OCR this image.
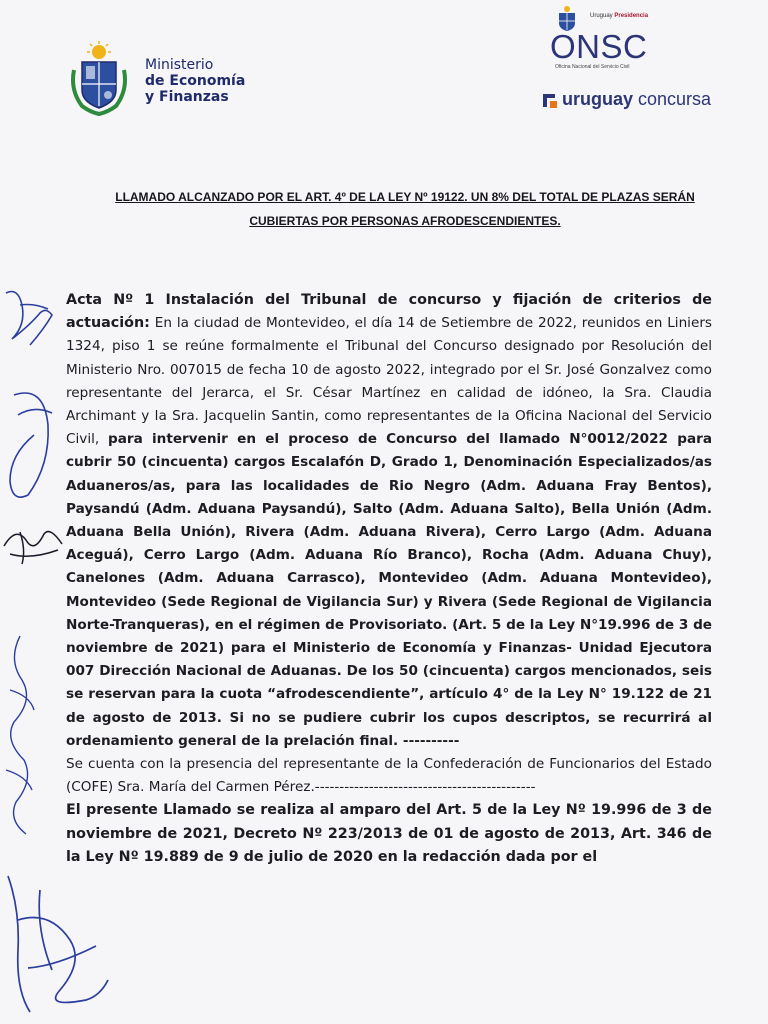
Ministerio
de Economía
y Finanzas
Uruguay Presidencia
ONSC
Oficina Nacional del Servicio Civil
uruguay concursa
LLAMADO ALCANZADO POR EL ART. 4º DE LA LEY Nº 19122. UN 8% DEL TOTAL DE PLAZAS SERÁN
CUBIERTAS POR PERSONAS AFRODESCENDIENTES.

Acta Nº 1 Instalación del Tribunal de concurso y fijación de criterios de actuación: En la ciudad de Montevideo, el día 14 de Setiembre de 2022, reunidos en Liniers 1324, piso 1 se reúne formalmente el Tribunal del Concurso designado por Resolución del Ministerio Nro. 007015 de fecha 10 de agosto 2022, integrado por el Sr. José Gonzalvez como representante del Jerarca, el Sr. César Martínez en calidad de idóneo, la Sra. Claudia Archimant y la Sra. Jacquelin Santin, como representantes de la Oficina Nacional del Servicio Civil, para intervenir en el proceso de Concurso del llamado N°0012/2022 para cubrir 50 (cincuenta) cargos Escalafón D, Grado 1, Denominación Especializados/as Aduaneros/as, para las localidades de Rio Negro (Adm. Aduana Fray Bentos), Paysandú (Adm. Aduana Paysandú), Salto (Adm. Aduana Salto), Bella Unión (Adm. Aduana Bella Unión), Rivera (Adm. Aduana Rivera), Cerro Largo (Adm. Aduana Aceguá), Cerro Largo (Adm. Aduana Río Branco), Rocha (Adm. Aduana Chuy), Canelones (Adm. Aduana Carrasco), Montevideo (Adm. Aduana Montevideo), Montevideo (Sede Regional de Vigilancia Sur) y Rivera (Sede Regional de Vigilancia Norte-Tranqueras), en el régimen de Provisoriato. (Art. 5 de la Ley N°19.996 de 3 de noviembre de 2021) para el Ministerio de Economía y Finanzas- Unidad Ejecutora 007 Dirección Nacional de Aduanas. De los 50 (cincuenta) cargos mencionados, seis se reservan para la cuota “afrodescendiente”, artículo 4° de la Ley N° 19.122 de 21 de agosto de 2013. Si no se pudiere cubrir los cupos descriptos, se recurrirá al ordenamiento general de la prelación final. ----------

Se cuenta con la presencia del representante de la Confederación de Funcionarios del Estado (COFE) Sra. María del Carmen Pérez.---------------------------------------------

El presente Llamado se realiza al amparo del Art. 5 de la Ley Nº 19.996 de 3 de noviembre de 2021, Decreto Nº 223/2013 de 01 de agosto de 2013, Art. 346 de la Ley Nº 19.889 de 9 de julio de 2020 en la redacción dada por el
